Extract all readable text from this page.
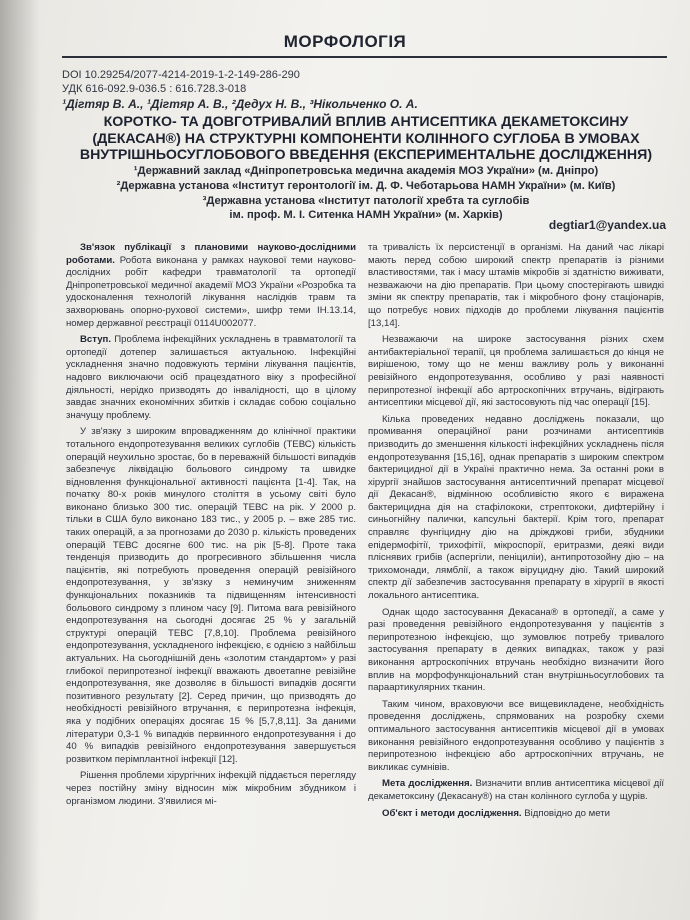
МОРФОЛОГІЯ
DOI 10.29254/2077-4214-2019-1-2-149-286-290
УДК 616-092.9-036.5 : 616.728.3-018
¹Дігтяр В. А., ¹Дігтяр А. В., ²Дедух Н. В., ³Нікольченко О. А.
КОРОТКО- ТА ДОВГОТРИВАЛИЙ ВПЛИВ АНТИСЕПТИКА ДЕКАМЕТОКСИНУ (ДЕКАСАН®) НА СТРУКТУРНІ КОМПОНЕНТИ КОЛІННОГО СУГЛОБА В УМОВАХ ВНУТРІШНЬОСУГЛОБОВОГО ВВЕДЕННЯ (ЕКСПЕРИМЕНТАЛЬНЕ ДОСЛІДЖЕННЯ)
¹Державний заклад «Дніпропетровська медична академія МОЗ України» (м. Дніпро)
²Державна установа «Інститут геронтології ім. Д. Ф. Чеботарьова НАМН України» (м. Київ)
³Державна установа «Інститут патології хребта та суглобів
ім. проф. М. І. Ситенка НАМН України» (м. Харків)
degtiar1@yandex.ua

Зв'язок публікації з плановими науково-дослідними роботами. Робота виконана у рамках наукової теми науково-дослідних робіт кафедри травматології та ортопедії Дніпропетровської медичної академії МОЗ України «Розробка та удосконалення технологій лікування наслідків травм та захворювань опорно-рухової системи», шифр теми ІН.13.14, номер державної реєстрації 0114U002077.

Вступ. Проблема інфекційних ускладнень в травматології та ортопедії дотепер залишається актуальною. Інфекційні ускладнення значно подовжують терміни лікування пацієнтів, надовго виключаючи осіб працездатного віку з професійної діяльності, нерідко призводять до інвалідності, що в цілому завдає значних економічних збитків і складає собою соціально значущу проблему.

У зв'язку з широким впровадженням до клінічної практики тотального ендопротезування великих суглобів (ТЕВС) кількість операцій неухильно зростає, бо в переважній більшості випадків забезпечує ліквідацію больового синдрому та швидке відновлення функціональної активності пацієнта [1-4]. Так, на початку 80-х років минулого століття в усьому світі було виконано близько 300 тис. операцій ТЕВС на рік. У 2000 р. тільки в США було виконано 183 тис., у 2005 р. – вже 285 тис. таких операцій, а за прогнозами до 2030 р. кількість проведених операцій ТЕВС досягне 600 тис. на рік [5-8]. Проте така тенденція призводить до прогресивного збільшення числа пацієнтів, які потребують проведення операцій ревізійного ендопротезування, у зв'язку з неминучим зниженням функціональних показників та підвищенням інтенсивності больового синдрому з плином часу [9]. Питома вага ревізійного ендопротезування на сьогодні досягає 25 % у загальній структурі операцій ТЕВС [7,8,10]. Проблема ревізійного ендопротезування, ускладненого інфекцією, є однією з найбільш актуальних. На сьогоднішній день «золотим стандартом» у разі глибокої перипротезної інфекції вважають двоетапне ревізійне ендопротезування, яке дозволяє в більшості випадків досягти позитивного результату [2]. Серед причин, що призводять до необхідності ревізійного втручання, є перипротезна інфекція, яка у подібних операціях досягає 15 % [5,7,8,11]. За даними літератури 0,3-1 % випадків первинного ендопротезування і до 40 % випадків ревізійного ендопротезування завершується розвитком перімплантної інфекції [12].

Рішення проблеми хірургічних інфекцій піддається перегляду через постійну зміну відносин між мікробним збудником і організмом людини. З'явилися мі-

та тривалість їх персистенції в організмі. На даний час лікарі мають перед собою широкий спектр препаратів із різними властивостями, так і масу штамів мікробів зі здатністю виживати, незважаючи на дію препаратів. При цьому спостерігають швидкі зміни як спектру препаратів, так і мікробного фону стаціонарів, що потребує нових підходів до проблеми лікування пацієнтів [13,14].

Незважаючи на широке застосування різних схем антибактеріальної терапії, ця проблема залишається до кінця не вирішеною, тому що не менш важливу роль у виконанні ревізійного ендопротезування, особливо у разі наявності перипротезної інфекції або артроскопічних втручань, відіграють антисептики місцевої дії, які застосовують під час операції [15].

Кілька проведених недавно досліджень показали, що промивання операційної рани розчинами антисептиків призводить до зменшення кількості інфекційних ускладнень після ендопротезування [15,16], однак препаратів з широким спектром бактерицидної дії в Україні практично нема. За останні роки в хірургії знайшов застосування антисептичний препарат місцевої дії Декасан®, відмінною особливістю якого є виражена бактерицидна дія на стафілококи, стрептококи, дифтерійну і синьогнійну палички, капсульні бактерії. Крім того, препарат справляє фунгіцидну дію на дріжджові гриби, збудники епідермофітії, трихофітії, мікроспорії, еритразми, деякі види пліснявих грибів (аспергіли, пеніциліи), антипротозойну дію – на трихомонади, лямблії, а також віруцидну дію. Такий широкий спектр дії забезпечив застосування препарату в хірургії в якості локального антисептика.

Однак щодо застосування Декасана® в ортопедії, а саме у разі проведення ревізійного ендопротезування у пацієнтів з перипротезною інфекцією, що зумовлює потребу тривалого застосування препарату в деяких випадках, також у разі виконання артроскопічних втручань необхідно визначити його вплив на морфофункціональний стан внутрішньосуглобових та параартикулярних тканин.

Таким чином, враховуючи все вищевикладене, необхідність проведення досліджень, спрямованих на розробку схеми оптимального застосування антисептиків місцевої дії в умовах виконання ревізійного ендопротезування особливо у пацієнтів з перипротезною інфекцією або артроскопічних втручань, не викликає сумнівів.

Мета дослідження. Визначити вплив антисептика місцевої дії декаметоксину (Декасану®) на стан колінного суглоба у щурів.

Об'єкт і методи дослідження. Відповідно до мети
